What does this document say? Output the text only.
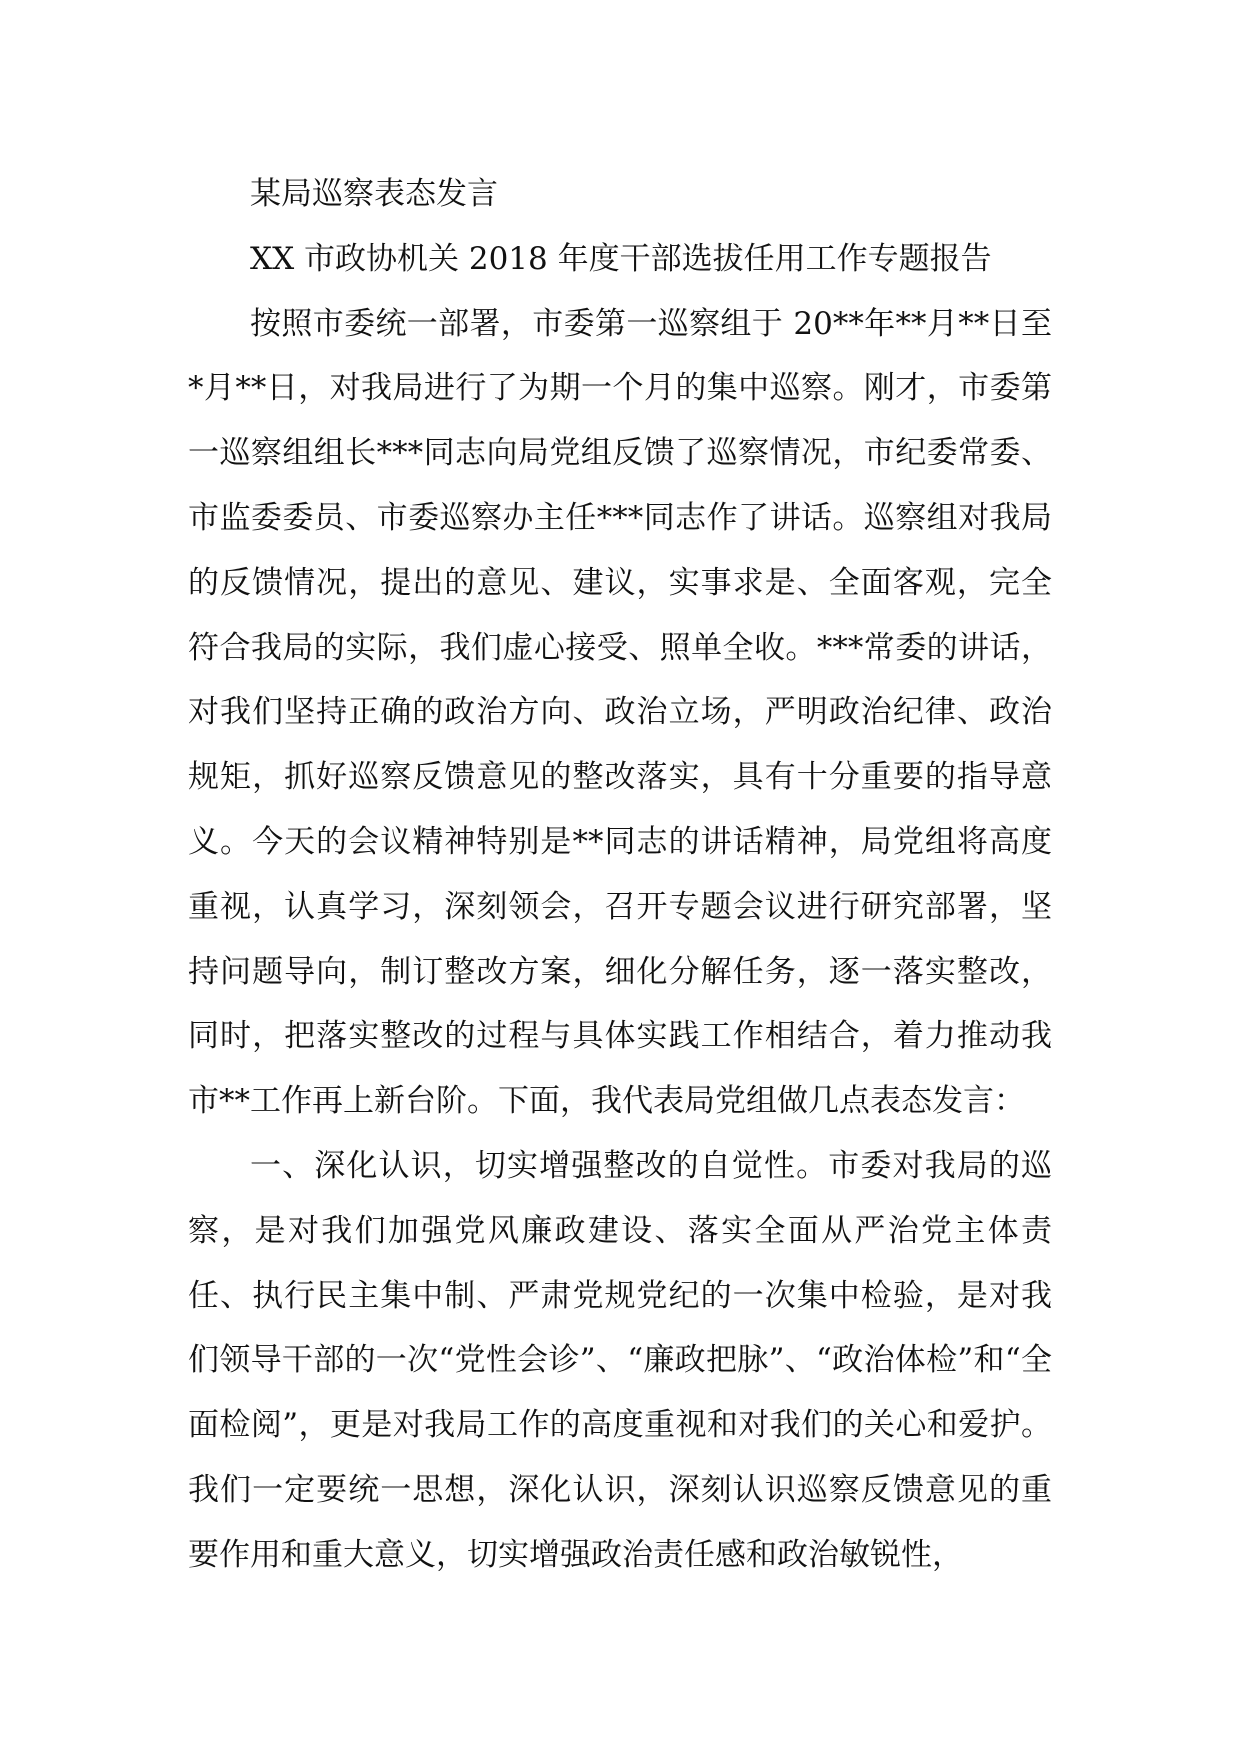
某局巡察表态发言

XX 市政协机关 2018 年度干部选拔任用工作专题报告

按照市委统一部署，市委第一巡察组于 20**年**月**日至*月**日，对我局进行了为期一个月的集中巡察。刚才，市委第一巡察组组长***同志向局党组反馈了巡察情况，市纪委常委、市监委委员、市委巡察办主任***同志作了讲话。巡察组对我局的反馈情况，提出的意见、建议，实事求是、全面客观，完全符合我局的实际，我们虚心接受、照单全收。***常委的讲话，对我们坚持正确的政治方向、政治立场，严明政治纪律、政治规矩，抓好巡察反馈意见的整改落实，具有十分重要的指导意义。今天的会议精神特别是**同志的讲话精神，局党组将高度重视，认真学习，深刻领会，召开专题会议进行研究部署，坚持问题导向，制订整改方案，细化分解任务，逐一落实整改，同时，把落实整改的过程与具体实践工作相结合，着力推动我市**工作再上新台阶。下面，我代表局党组做几点表态发言：

一、深化认识，切实增强整改的自觉性。市委对我局的巡察，是对我们加强党风廉政建设、落实全面从严治党主体责任、执行民主集中制、严肃党规党纪的一次集中检验，是对我们领导干部的一次“党性会诊”、“廉政把脉”、“政治体检”和“全面检阅”，更是对我局工作的高度重视和对我们的关心和爱护。我们一定要统一思想，深化认识，深刻认识巡察反馈意见的重要作用和重大意义，切实增强政治责任感和政治敏锐性，
